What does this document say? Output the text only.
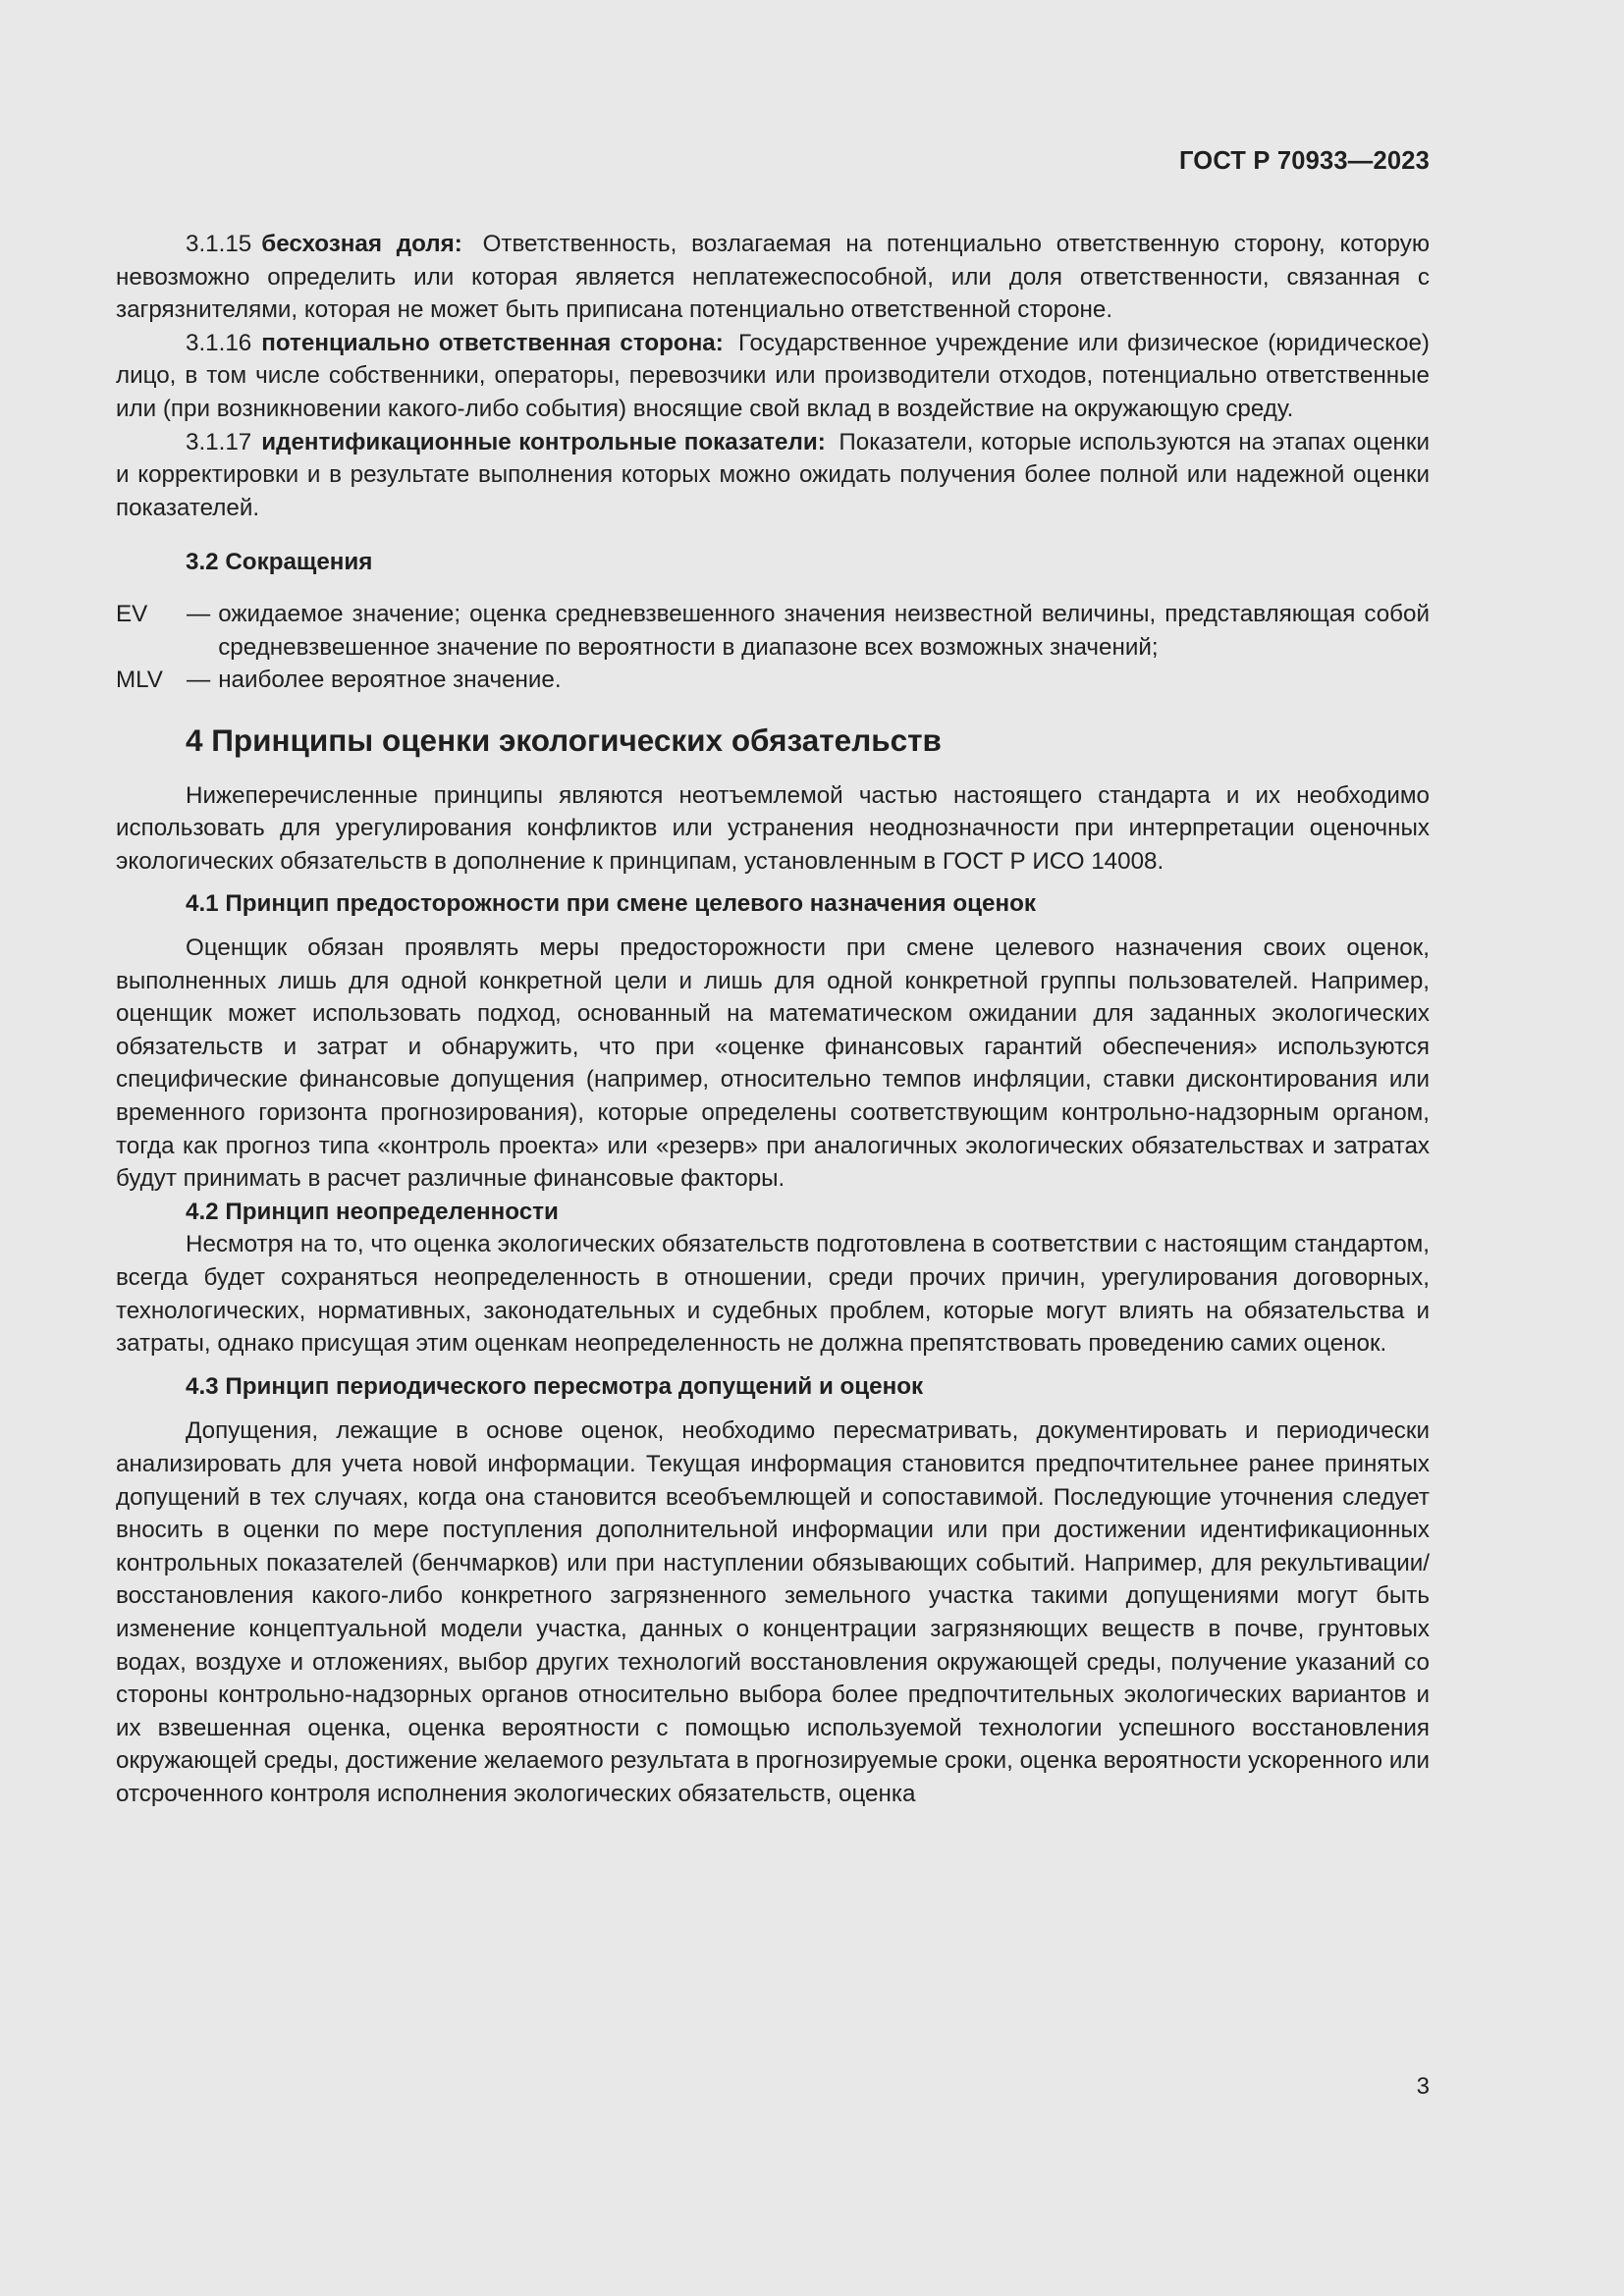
ГОСТ Р 70933—2023

3.1.15 бесхозная доля: Ответственность, возлагаемая на потенциально ответственную сторону, которую невозможно определить или которая является неплатежеспособной, или доля ответственности, связанная с загрязнителями, которая не может быть приписана потенциально ответственной стороне.

3.1.16 потенциально ответственная сторона: Государственное учреждение или физическое (юридическое) лицо, в том числе собственники, операторы, перевозчики или производители отходов, потенциально ответственные или (при возникновении какого-либо события) вносящие свой вклад в воздействие на окружающую среду.

3.1.17 идентификационные контрольные показатели: Показатели, которые используются на этапах оценки и корректировки и в результате выполнения которых можно ожидать получения более полной или надежной оценки показателей.

3.2 Сокращения
EV	— ожидаемое значение; оценка средневзвешенного значения неизвестной величины, представляющая собой средневзвешенное значение по вероятности в диапазоне всех возможных значений;
MLV — наиболее вероятное значение.
4 Принципы оценки экологических обязательств

Нижеперечисленные принципы являются неотъемлемой частью настоящего стандарта и их необходимо использовать для урегулирования конфликтов или устранения неоднозначности при интерпретации оценочных экологических обязательств в дополнение к принципам, установленным в ГОСТ Р ИСО 14008.

4.1 Принцип предосторожности при смене целевого назначения оценок

Оценщик обязан проявлять меры предосторожности при смене целевого назначения своих оценок, выполненных лишь для одной конкретной цели и лишь для одной конкретной группы пользователей. Например, оценщик может использовать подход, основанный на математическом ожидании для заданных экологических обязательств и затрат и обнаружить, что при «оценке финансовых гарантий обеспечения» используются специфические финансовые допущения (например, относительно темпов инфляции, ставки дисконтирования или временного горизонта прогнозирования), которые определены соответствующим контрольно-надзорным органом, тогда как прогноз типа «контроль проекта» или «резерв» при аналогичных экологических обязательствах и затратах будут принимать в расчет различные финансовые факторы.

4.2 Принцип неопределенности

Несмотря на то, что оценка экологических обязательств подготовлена в соответствии с настоящим стандартом, всегда будет сохраняться неопределенность в отношении, среди прочих причин, урегулирования договорных, технологических, нормативных, законодательных и судебных проблем, которые могут влиять на обязательства и затраты, однако присущая этим оценкам неопределенность не должна препятствовать проведению самих оценок.

4.3 Принцип периодического пересмотра допущений и оценок

Допущения, лежащие в основе оценок, необходимо пересматривать, документировать и периодически анализировать для учета новой информации. Текущая информация становится предпочтительнее ранее принятых допущений в тех случаях, когда она становится всеобъемлющей и сопоставимой. Последующие уточнения следует вносить в оценки по мере поступления дополнительной информации или при достижении идентификационных контрольных показателей (бенчмарков) или при наступлении обязывающих событий. Например, для рекультивации/восстановления какого-либо конкретного загрязненного земельного участка такими допущениями могут быть изменение концептуальной модели участка, данных о концентрации загрязняющих веществ в почве, грунтовых водах, воздухе и отложениях, выбор других технологий восстановления окружающей среды, получение указаний со стороны контрольно-надзорных органов относительно выбора более предпочтительных экологических вариантов и их взвешенная оценка, оценка вероятности с помощью используемой технологии успешного восстановления окружающей среды, достижение желаемого результата в прогнозируемые сроки, оценка вероятности ускоренного или отсроченного контроля исполнения экологических обязательств, оценка

3
